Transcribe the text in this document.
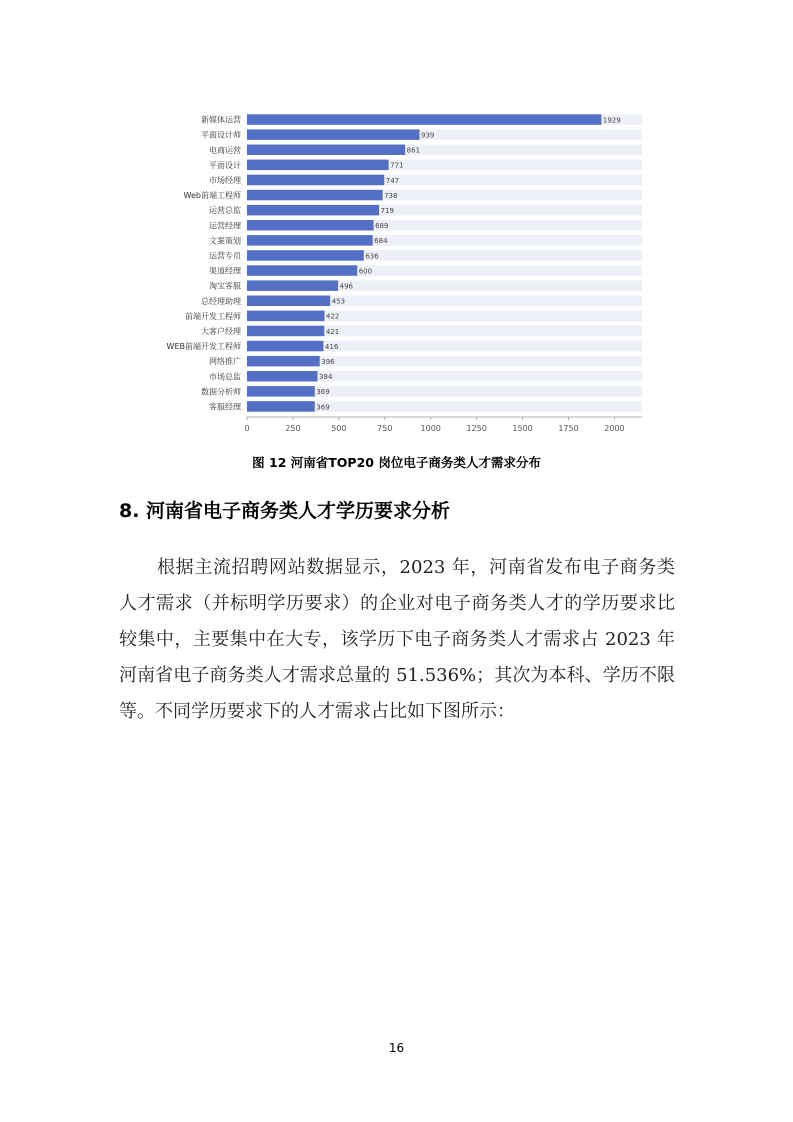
新媒体运营	1929
平面设计师	939
电商运营	861
平面设计	771
市场经理	747
Web前端工程师	738
运营总监	719
运营经理	689
文案策划	684
运营专员	636
渠道经理	600
淘宝客服	496
总经理助理	453
前端开发工程师	422
大客户经理	421
WEB前端开发工程师	416
网络推广	396
市场总监	384
数据分析师	369
客服经理	369
0	250	500	750	1000	1250	1500	1750	2000
图 12 河南省TOP20 岗位电子商务类人才需求分布
8. 河南省电子商务类人才学历要求分析
根据主流招聘网站数据显示，2023 年，河南省发布电子商务类人才需求（并标明学历要求）的企业对电子商务类人才的学历要求比较集中，主要集中在大专，该学历下电子商务类人才需求占 2023 年河南省电子商务类人才需求总量的 51.536%；其次为本科、学历不限等。不同学历要求下的人才需求占比如下图所示：
16
